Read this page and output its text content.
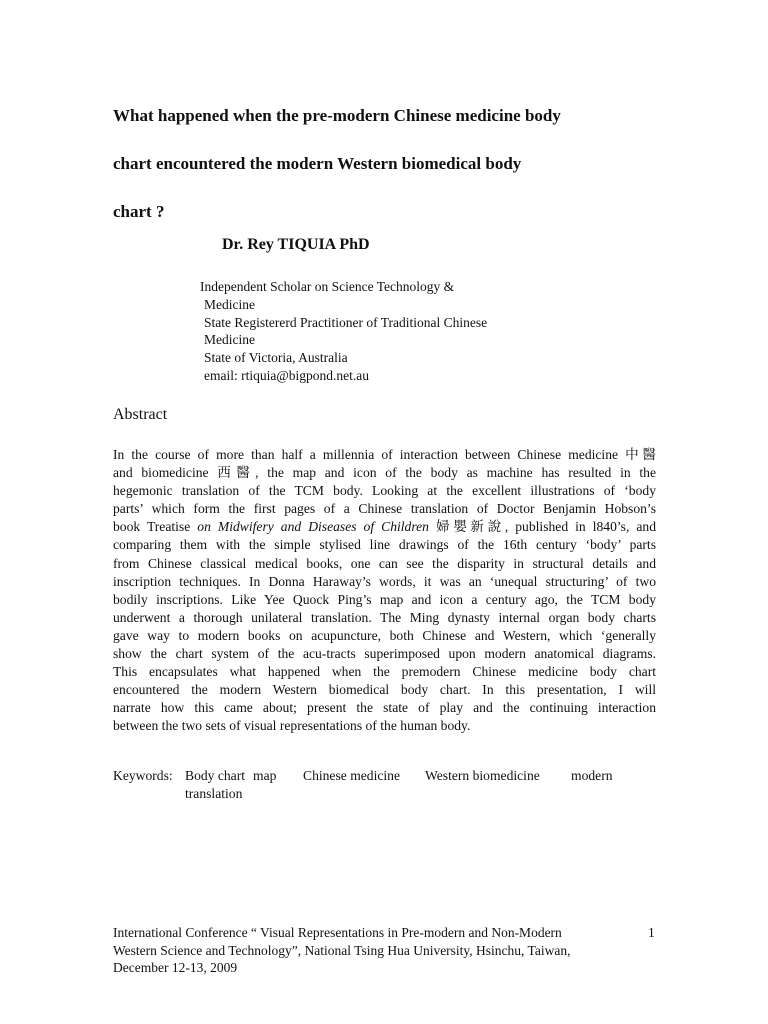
What happened when the pre-modern Chinese medicine body
chart encountered the modern Western biomedical body
chart ?

Dr. Rey TIQUIA PhD

Independent Scholar on Science Technology &
Medicine
State Registererd Practitioner of Traditional Chinese
Medicine
State of Victoria, Australia
email: rtiquia@bigpond.net.au
Abstract
In the course of more than half a millennia of interaction between Chinese medicine 中醫
and biomedicine 西醫, the map and icon of the body as machine has resulted in the
hegemonic translation of the TCM body. Looking at the excellent illustrations of ‘body
parts’ which form the first pages of a Chinese translation of Doctor Benjamin Hobson’s
book Treatise on Midwifery and Diseases of Children 婦嬰新說, published in l840’s, and
comparing them with the simple stylised line drawings of the 16th century ‘body’ parts
from Chinese classical medical books, one can see the disparity in structural details and
inscription techniques. In Donna Haraway’s words, it was an ‘unequal structuring’ of two
bodily inscriptions. Like Yee Quock Ping’s map and icon a century ago, the TCM body
underwent a thorough unilateral translation. The Ming dynasty internal organ body charts
gave way to modern books on acupuncture, both Chinese and Western, which ‘generally
show the chart system of the acu-tracts superimposed upon modern anatomical diagrams.
This encapsulates what happened when the premodern Chinese medicine body chart
encountered the modern Western biomedical body chart. In this presentation, I will
narrate how this came about; present the state of play and the continuing interaction
between the two sets of visual representations of the human body.
Keywords: Body chart map	Chinese medicine	Western biomedicine	modern
translation
International Conference “ Visual Representations in Pre-modern and Non-Modern
Western Science and Technology”, National Tsing Hua University, Hsinchu, Taiwan,
December 12-13, 2009
1
